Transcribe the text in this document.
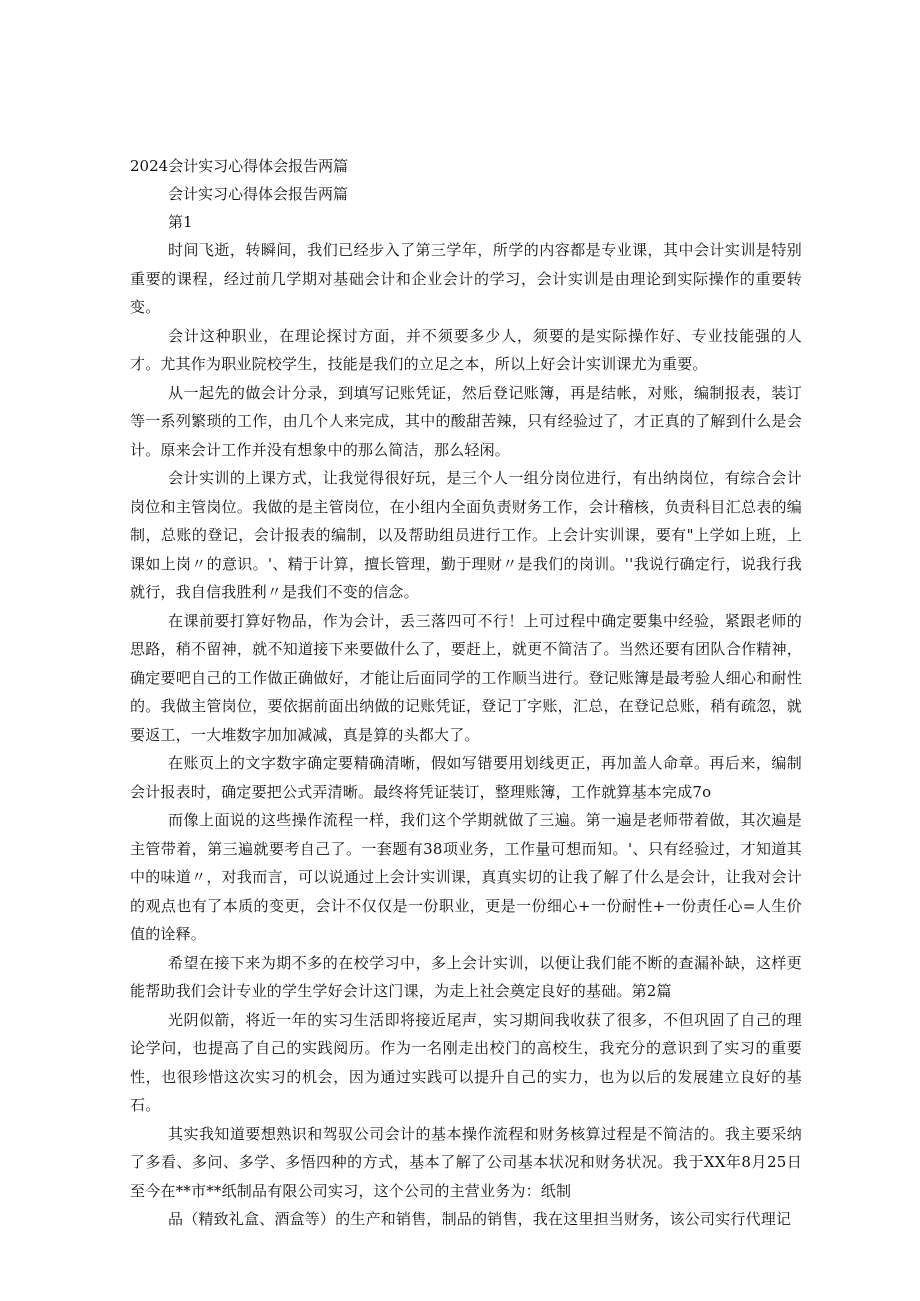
2024会计实习心得体会报告两篇

会计实习心得体会报告两篇

第1

时间飞逝，转瞬间，我们已经步入了第三学年，所学的内容都是专业课，其中会计实训是特别重要的课程，经过前几学期对基础会计和企业会计的学习，会计实训是由理论到实际操作的重要转变。

会计这种职业，在理论探讨方面，并不须要多少人，须要的是实际操作好、专业技能强的人才。尤其作为职业院校学生，技能是我们的立足之本，所以上好会计实训课尤为重要。

从一起先的做会计分录，到填写记账凭证，然后登记账簿，再是结帐，对账，编制报表，装订等一系列繁琐的工作，由几个人来完成，其中的酸甜苦辣，只有经验过了，才正真的了解到什么是会计。原来会计工作并没有想象中的那么简洁，那么轻闲。

会计实训的上课方式，让我觉得很好玩，是三个人一组分岗位进行，有出纳岗位，有综合会计岗位和主管岗位。我做的是主管岗位，在小组内全面负责财务工作，会计稽核，负责科目汇总表的编制，总账的登记，会计报表的编制，以及帮助组员进行工作。上会计实训课，要有"上学如上班，上课如上岗〃的意识。'、精于计算，擅长管理，勤于理财〃是我们的岗训。''我说行确定行，说我行我就行，我自信我胜利〃是我们不变的信念。

在课前要打算好物品，作为会计，丢三落四可不行！上可过程中确定要集中经验，紧跟老师的思路，稍不留神，就不知道接下来要做什么了，要赶上，就更不简洁了。当然还要有团队合作精神，确定要吧自己的工作做正确做好，才能让后面同学的工作顺当进行。登记账簿是最考验人细心和耐性的。我做主管岗位，要依据前面出纳做的记账凭证，登记丁字账，汇总，在登记总账，稍有疏忽，就要返工，一大堆数字加加减减，真是算的头都大了。

在账页上的文字数字确定要精确清晰，假如写错要用划线更正，再加盖人命章。再后来，编制会计报表时，确定要把公式弄清晰。最终将凭证装订，整理账簿，工作就算基本完成7o

而像上面说的这些操作流程一样，我们这个学期就做了三遍。第一遍是老师带着做，其次遍是主管带着，第三遍就要考自己了。一套题有38项业务，工作量可想而知。'、只有经验过，才知道其中的味道〃，对我而言，可以说通过上会计实训课，真真实切的让我了解了什么是会计，让我对会计的观点也有了本质的变更，会计不仅仅是一份职业，更是一份细心+一份耐性+一份责任心=人生价值的诠释。

希望在接下来为期不多的在校学习中，多上会计实训，以便让我们能不断的查漏补缺，这样更能帮助我们会计专业的学生学好会计这门课，为走上社会奠定良好的基础。第2篇

光阴似箭，将近一年的实习生活即将接近尾声，实习期间我收获了很多，不但巩固了自己的理论学问，也提高了自己的实践阅历。作为一名刚走出校门的高校生，我充分的意识到了实习的重要性，也很珍惜这次实习的机会，因为通过实践可以提升自己的实力，也为以后的发展建立良好的基石。

其实我知道要想熟识和驾驭公司会计的基本操作流程和财务核算过程是不简洁的。我主要采纳了多看、多问、多学、多悟四种的方式，基本了解了公司基本状况和财务状况。我于XX年8月25日至今在**市**纸制品有限公司实习，这个公司的主营业务为：纸制

品（精致礼盒、酒盒等）的生产和销售，制品的销售，我在这里担当财务，该公司实行代理记
